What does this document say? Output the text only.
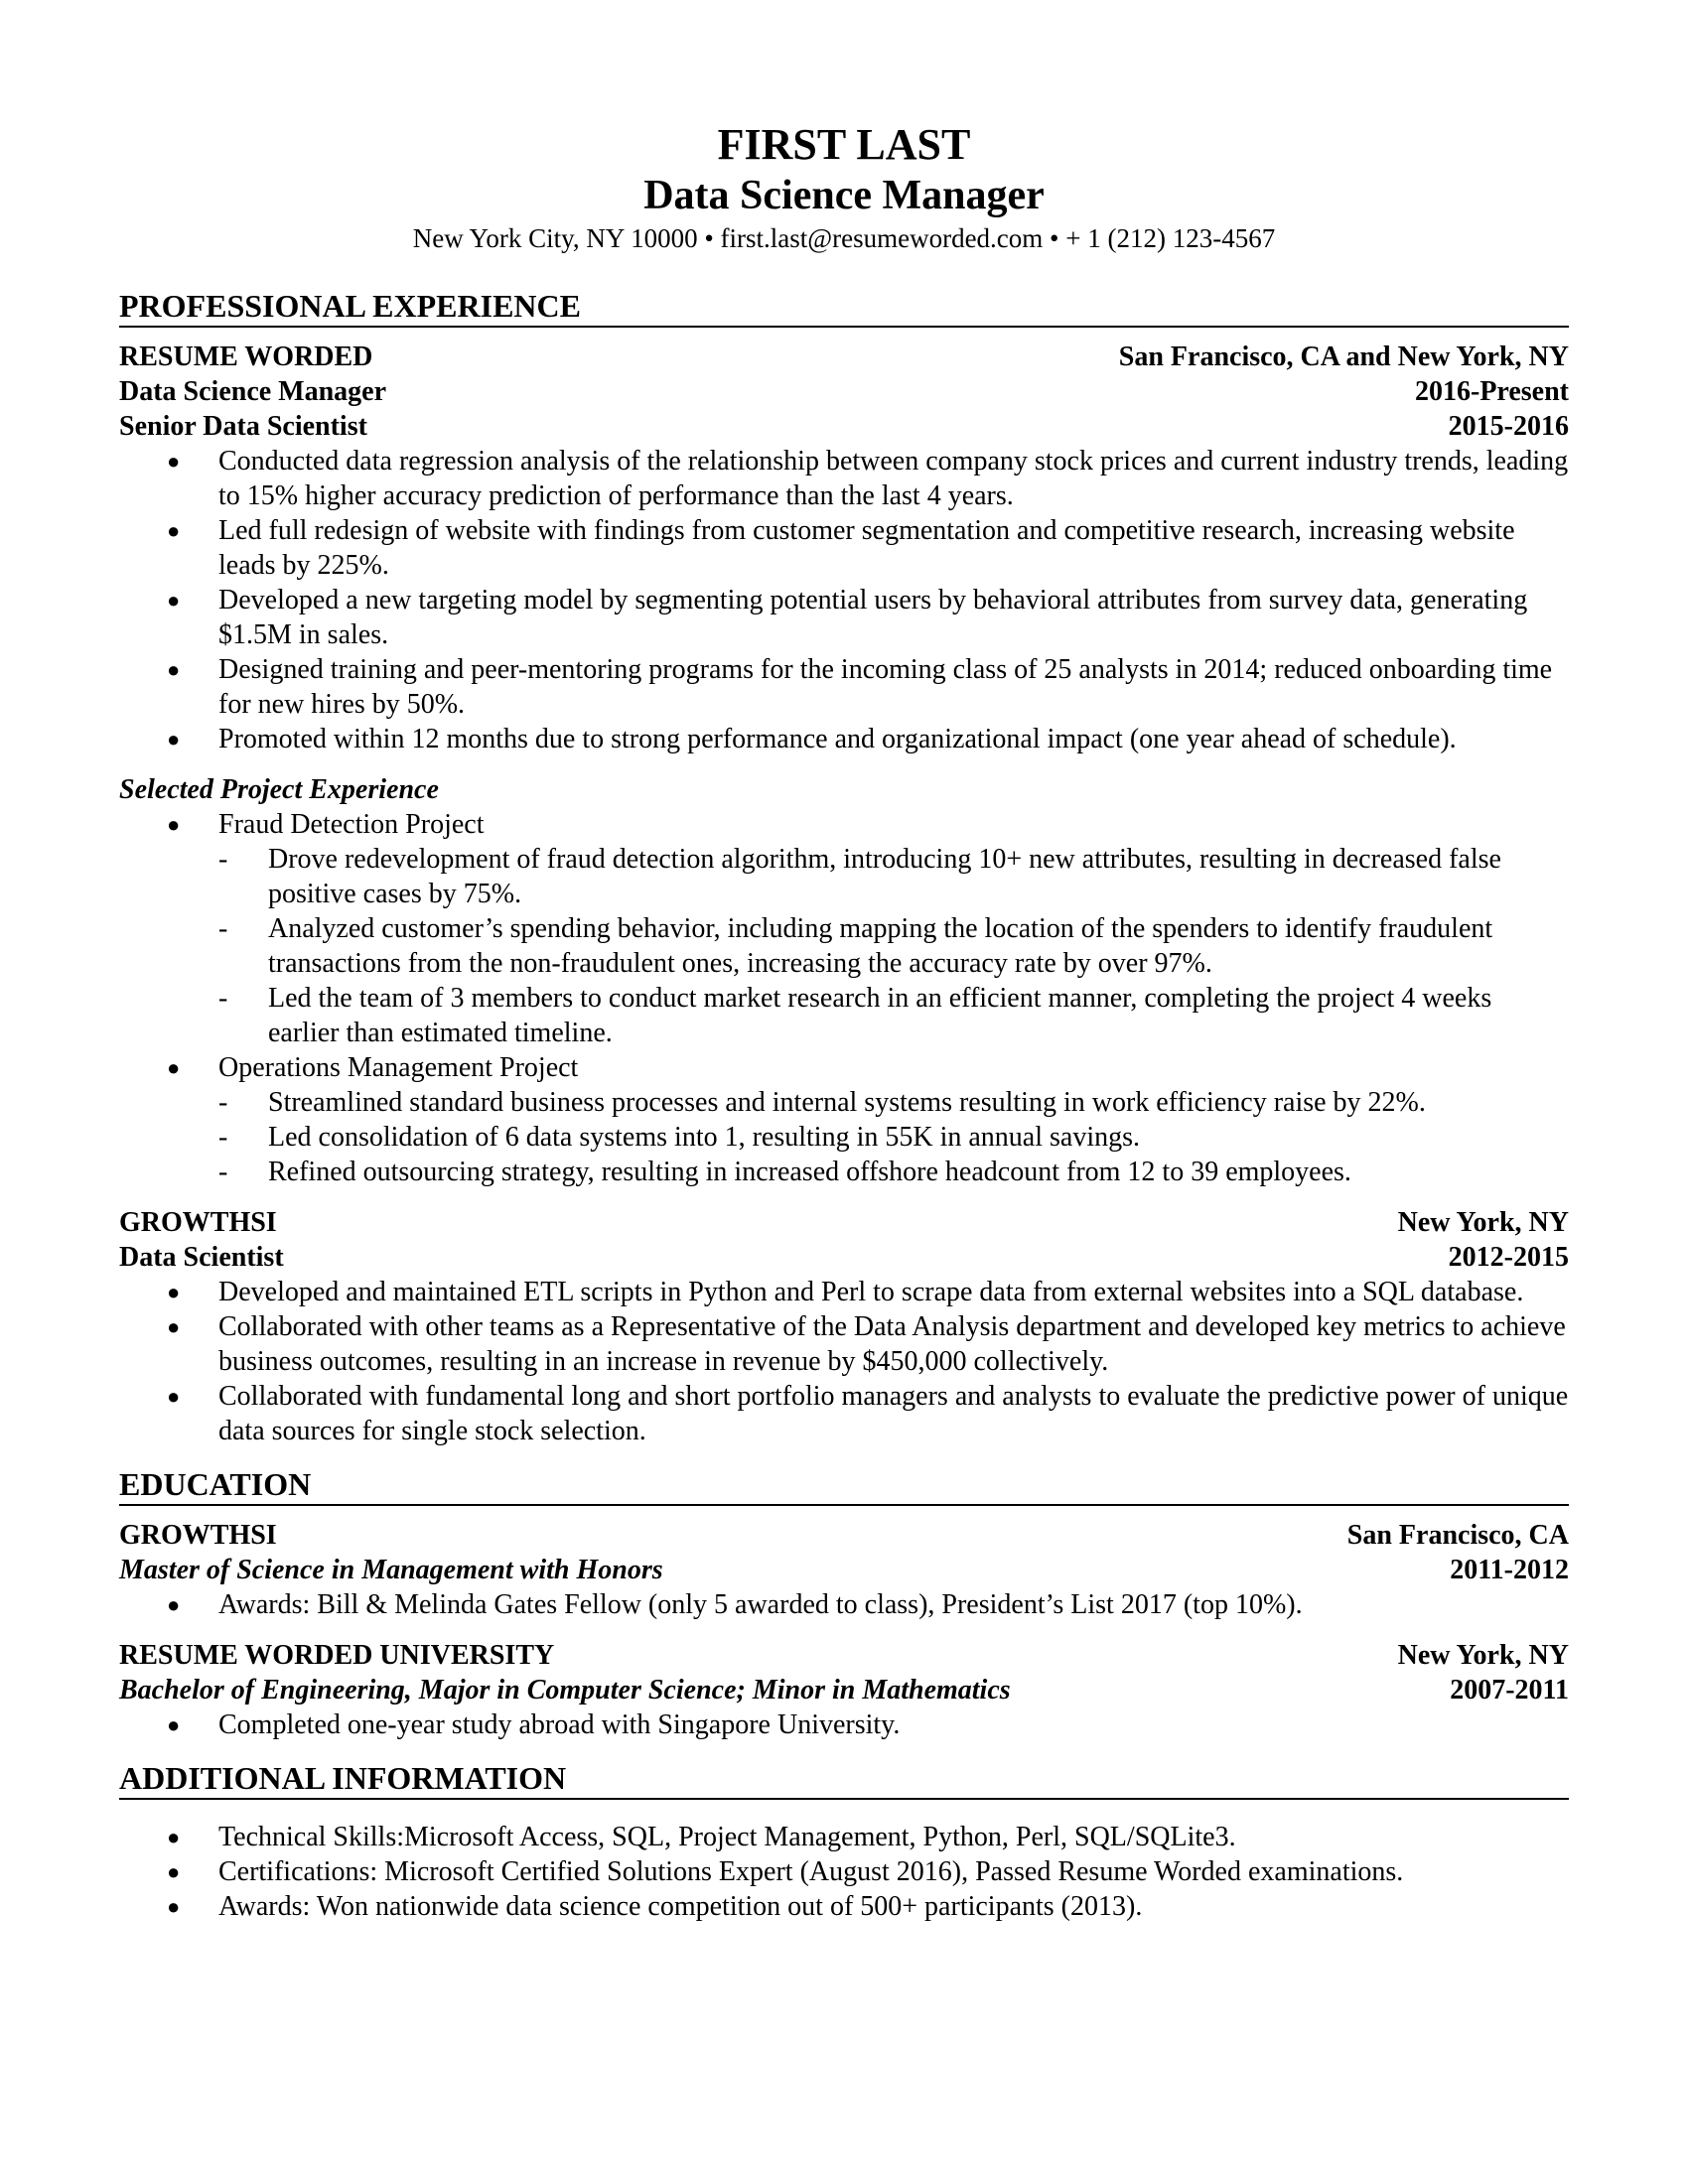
FIRST LAST

Data Science Manager

New York City, NY 10000 • first.last@resumeworded.com • + 1 (212) 123-4567

PROFESSIONAL EXPERIENCE
RESUME WORDED	San Francisco, CA and New York, NY
Data Science Manager	2016-Present
Senior Data Scientist	2015-2016
● Conducted data regression analysis of the relationship between company stock prices and current industry trends, leading to 15% higher accuracy prediction of performance than the last 4 years.
● Led full redesign of website with findings from customer segmentation and competitive research, increasing website leads by 225%.
● Developed a new targeting model by segmenting potential users by behavioral attributes from survey data, generating $1.5M in sales.
● Designed training and peer-mentoring programs for the incoming class of 25 analysts in 2014; reduced onboarding time for new hires by 50%.
● Promoted within 12 months due to strong performance and organizational impact (one year ahead of schedule).
Selected Project Experience
● Fraud Detection Project
- Drove redevelopment of fraud detection algorithm, introducing 10+ new attributes, resulting in decreased false positive cases by 75%.
- Analyzed customer’s spending behavior, including mapping the location of the spenders to identify fraudulent transactions from the non-fraudulent ones, increasing the accuracy rate by over 97%.
- Led the team of 3 members to conduct market research in an efficient manner, completing the project 4 weeks earlier than estimated timeline.
● Operations Management Project
- Streamlined standard business processes and internal systems resulting in work efficiency raise by 22%.
- Led consolidation of 6 data systems into 1, resulting in 55K in annual savings.
- Refined outsourcing strategy, resulting in increased offshore headcount from 12 to 39 employees.
GROWTHSI	New York, NY
Data Scientist	2012-2015
● Developed and maintained ETL scripts in Python and Perl to scrape data from external websites into a SQL database.
● Collaborated with other teams as a Representative of the Data Analysis department and developed key metrics to achieve business outcomes, resulting in an increase in revenue by $450,000 collectively.
● Collaborated with fundamental long and short portfolio managers and analysts to evaluate the predictive power of unique data sources for single stock selection.
EDUCATION
GROWTHSI	San Francisco, CA
Master of Science in Management with Honors	2011-2012
● Awards: Bill & Melinda Gates Fellow (only 5 awarded to class), President’s List 2017 (top 10%).
RESUME WORDED UNIVERSITY	New York, NY
Bachelor of Engineering, Major in Computer Science; Minor in Mathematics	2007-2011
● Completed one-year study abroad with Singapore University.
ADDITIONAL INFORMATION
● Technical Skills:Microsoft Access, SQL, Project Management, Python, Perl, SQL/SQLite3.
● Certifications: Microsoft Certified Solutions Expert (August 2016), Passed Resume Worded examinations.
● Awards: Won nationwide data science competition out of 500+ participants (2013).
